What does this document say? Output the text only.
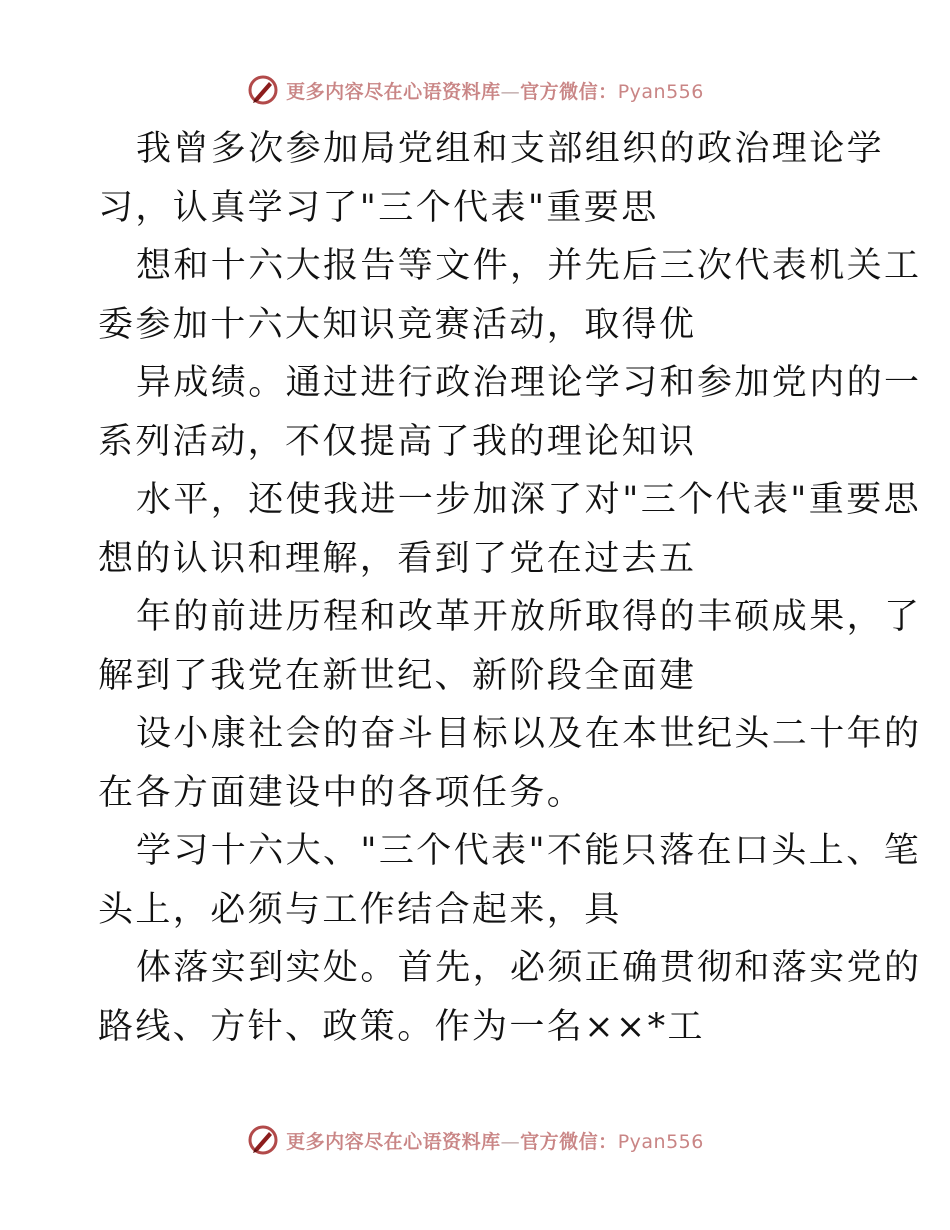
更多内容尽在心语资料库—官方微信：Pyan556
我曾多次参加局党组和支部组织的政治理论学
习，认真学习了"三个代表"重要思
想和十六大报告等文件，并先后三次代表机关工
委参加十六大知识竞赛活动，取得优
异成绩。通过进行政治理论学习和参加党内的一
系列活动，不仅提高了我的理论知识
水平，还使我进一步加深了对"三个代表"重要思
想的认识和理解，看到了党在过去五
年的前进历程和改革开放所取得的丰硕成果，了
解到了我党在新世纪、新阶段全面建
设小康社会的奋斗目标以及在本世纪头二十年的
在各方面建设中的各项任务。
学习十六大、"三个代表"不能只落在口头上、笔
头上，必须与工作结合起来，具
体落实到实处。首先，必须正确贯彻和落实党的
路线、方针、政策。作为一名××*工
更多内容尽在心语资料库—官方微信：Pyan556
